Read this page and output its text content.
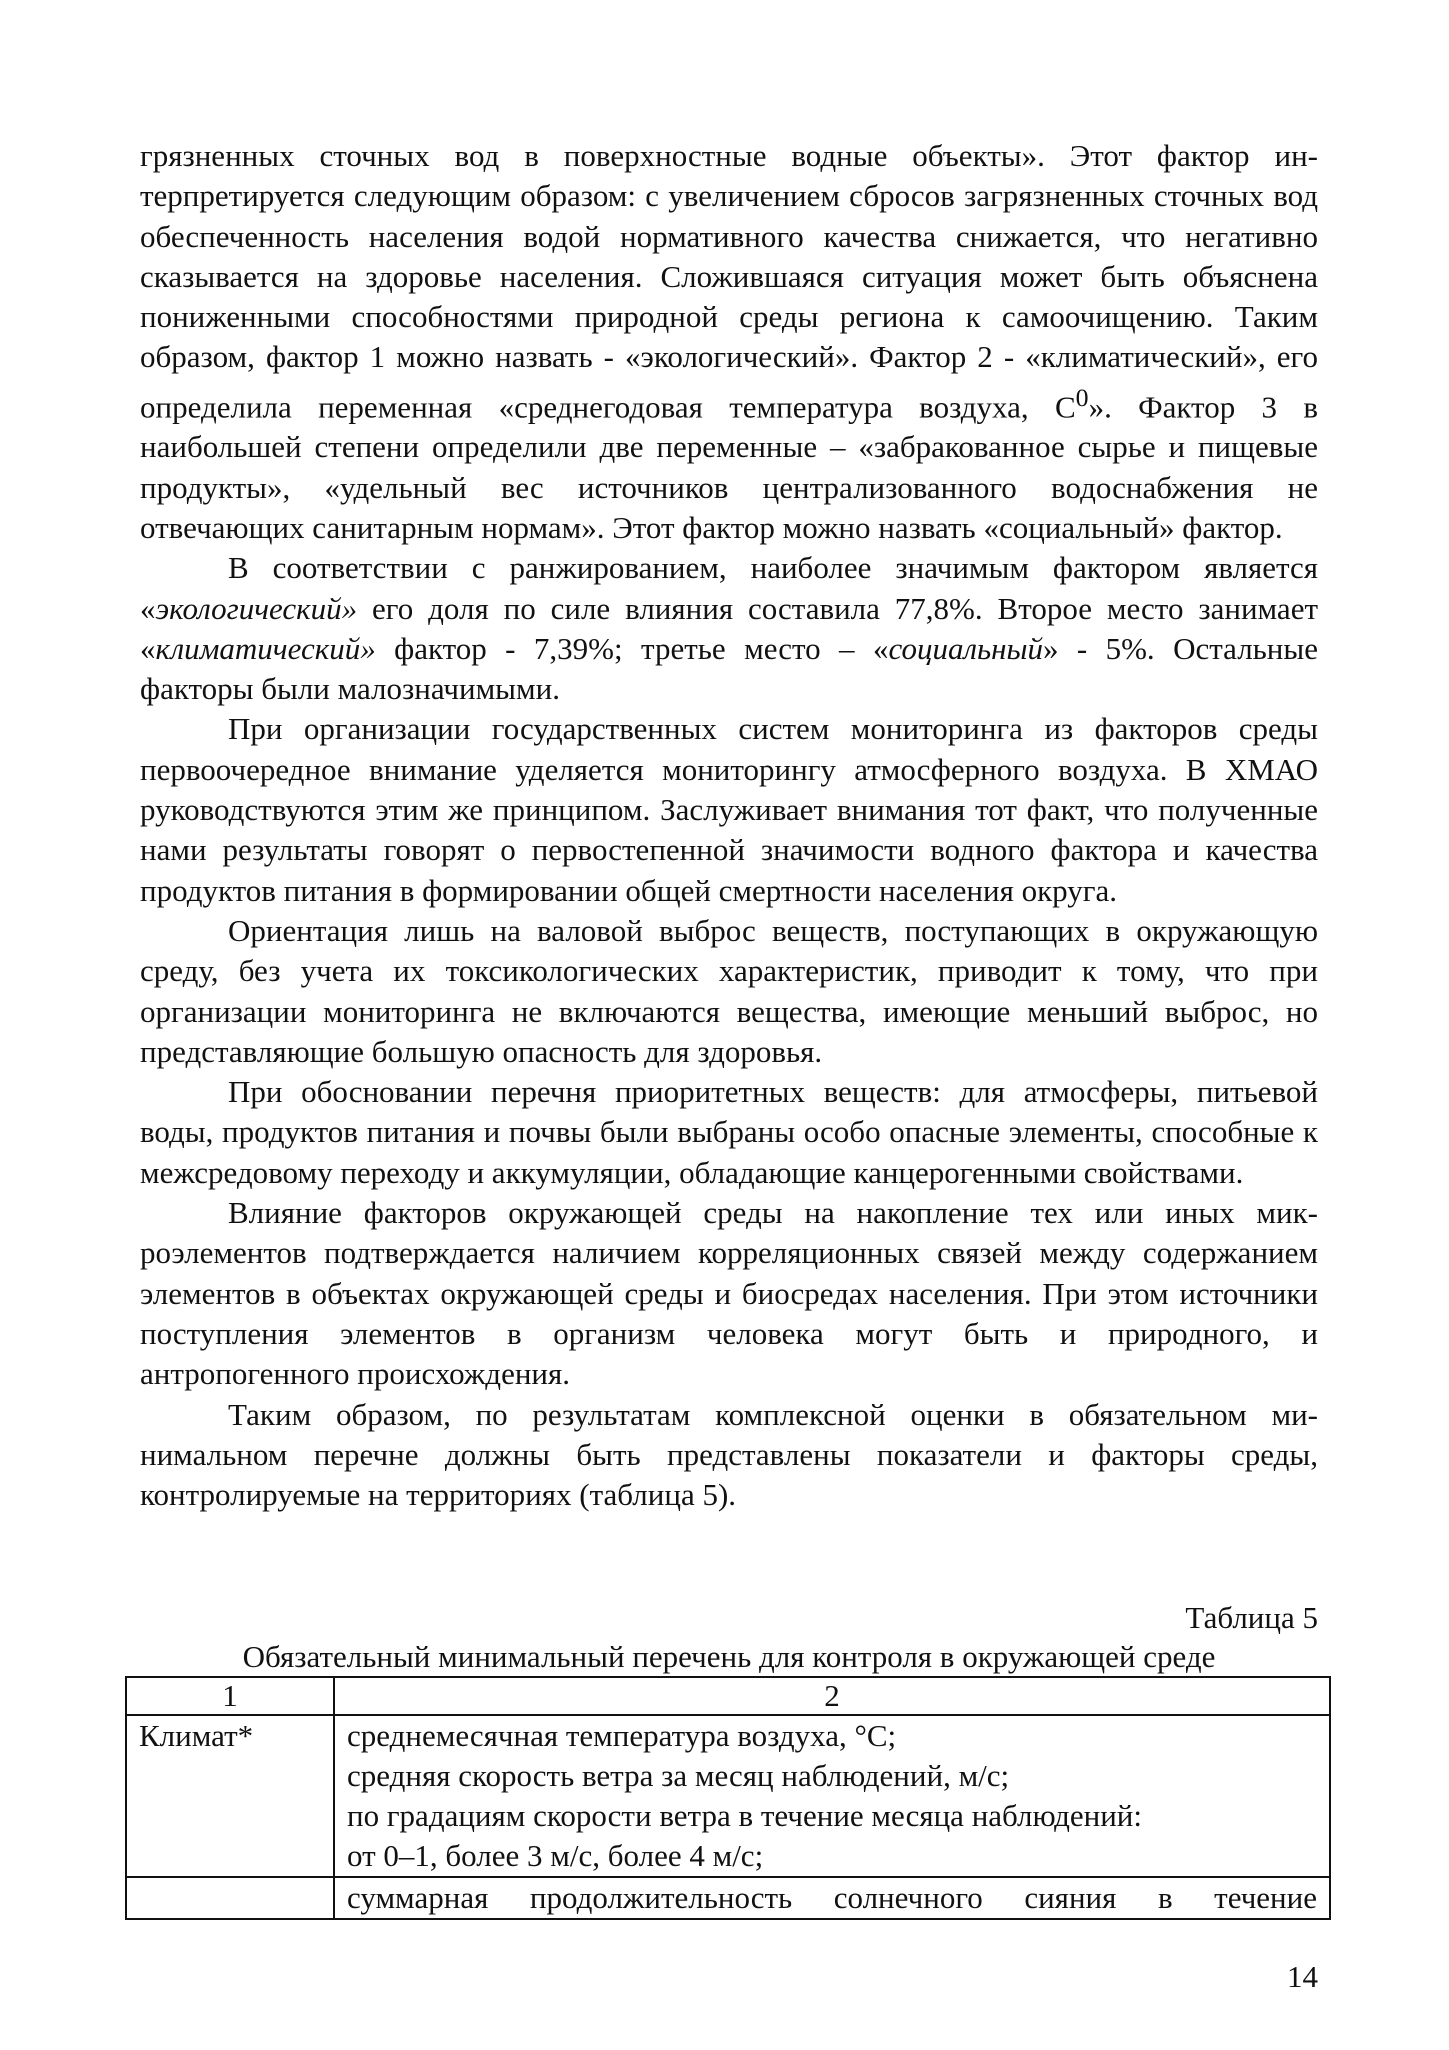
грязненных сточных вод в поверхностные водные объекты». Этот фактор интерпретируется следующим образом: с увеличением сбросов загрязненных сточных вод обеспеченность населения водой нормативного качества снижается, что негативно сказывается на здоровье населения. Сложившаяся ситуация может быть объяснена пониженными способностями природной среды региона к самоочищению. Таким образом, фактор 1 можно назвать - «экологический». Фактор 2 - «климатический», его определила переменная «среднегодовая температура воздуха, $С^0$». Фактор 3 в наибольшей степени определили две переменные – «забракованное сырье и пищевые продукты», «удельный вес источников централизованного водоснабжения не отвечающих санитарным нормам». Этот фактор можно назвать «социальный» фактор.

В соответствии с ранжированием, наиболее значимым фактором является «экологический» его доля по силе влияния составила 77,8%. Второе место занимает «климатический» фактор - 7,39%; третье место – «социальный» - 5%. Остальные факторы были малозначимыми.

При организации государственных систем мониторинга из факторов среды первоочередное внимание уделяется мониторингу атмосферного воздуха. В ХМАО руководствуются этим же принципом. Заслуживает внимания тот факт, что полученные нами результаты говорят о первостепенной значимости водного фактора и качества продуктов питания в формировании общей смертности населения округа.

Ориентация лишь на валовой выброс веществ, поступающих в окружающую среду, без учета их токсикологических характеристик, приводит к тому, что при организации мониторинга не включаются вещества, имеющие меньший выброс, но представляющие большую опасность для здоровья.

При обосновании перечня приоритетных веществ: для атмосферы, питьевой воды, продуктов питания и почвы были выбраны особо опасные элементы, способные к межсредовому переходу и аккумуляции, обладающие канцерогенными свойствами.

Влияние факторов окружающей среды на накопление тех или иных микроэлементов подтверждается наличием корреляционных связей между содержанием элементов в объектах окружающей среды и биосредах населения. При этом источники поступления элементов в организм человека могут быть и природного, и антропогенного происхождения.

Таким образом, по результатам комплексной оценки в обязательном минимальном перечне должны быть представлены показатели и факторы среды, контролируемые на территориях (таблица 5).

Таблица 5
Обязательный минимальный перечень для контроля в окружающей среде
1	2
Климат*	среднемесячная температура воздуха, °С;
средняя скорость ветра за месяц наблюдений, м/с;
по градациям скорости ветра в течение месяца наблюдений:
от 0–1, более 3 м/с, более 4 м/с;

	суммарная продолжительность солнечного сияния в течение
14
